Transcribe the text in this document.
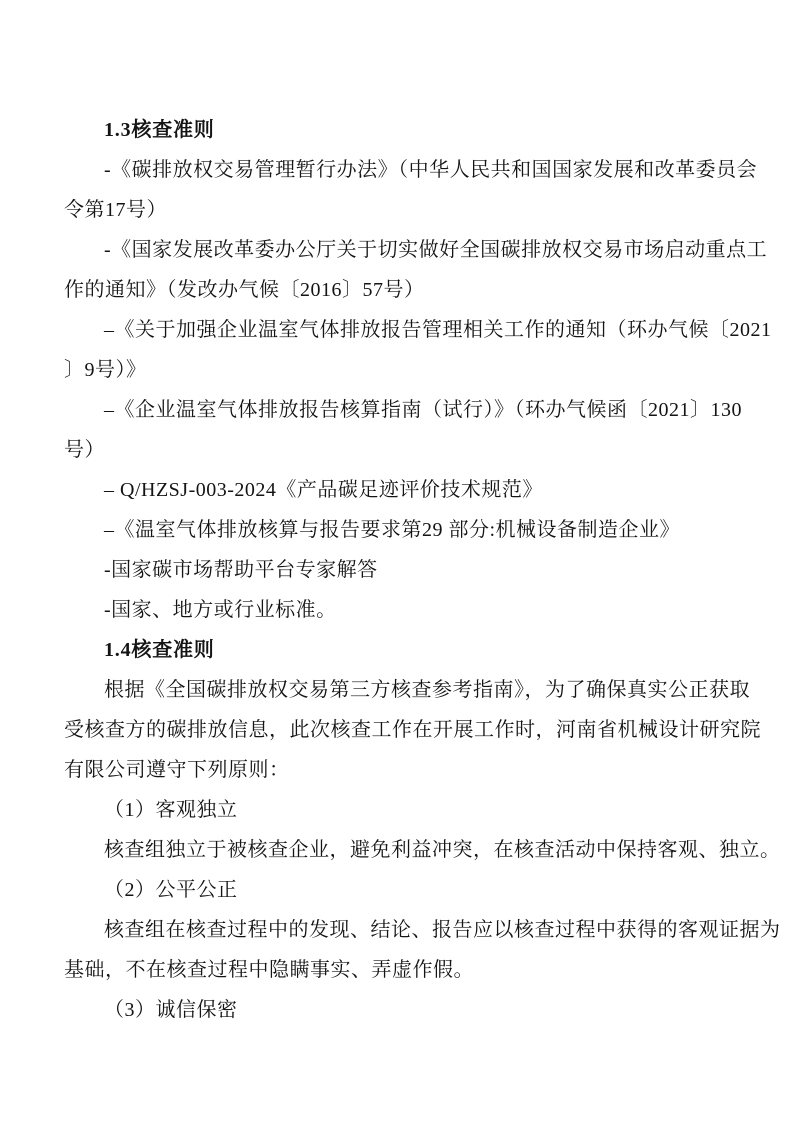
1.3核查准则
-《碳排放权交易管理暂行办法》（中华人民共和国国家发展和改革委员会
令第17号）
-《国家发展改革委办公厅关于切实做好全国碳排放权交易市场启动重点工
作的通知》（发改办气候〔2016〕57号）
–《关于加强企业温室气体排放报告管理相关工作的通知（环办气候〔2021
〕9号）》
–《企业温室气体排放报告核算指南（试行）》（环办气候函〔2021〕130
号）
– Q/HZSJ-003-2024《产品碳足迹评价技术规范》
–《温室气体排放核算与报告要求第29 部分:机械设备制造企业》
-国家碳市场帮助平台专家解答
-国家、地方或行业标准。
1.4核查准则
根据《全国碳排放权交易第三方核查参考指南》，为了确保真实公正获取
受核查方的碳排放信息，此次核查工作在开展工作时，河南省机械设计研究院
有限公司遵守下列原则：
（1）客观独立
核查组独立于被核查企业，避免利益冲突，在核查活动中保持客观、独立。
（2）公平公正
核查组在核查过程中的发现、结论、报告应以核查过程中获得的客观证据为
基础，不在核查过程中隐瞒事实、弄虚作假。
（3）诚信保密
